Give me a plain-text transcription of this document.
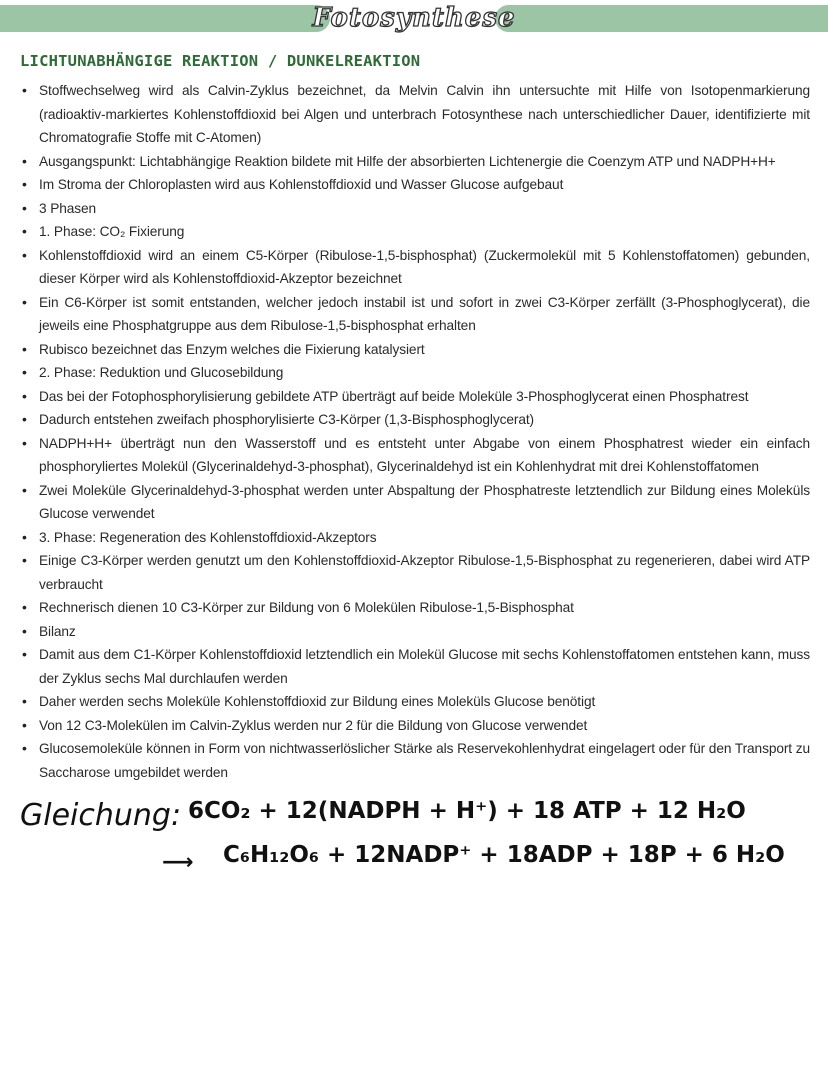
Fotosynthese
LICHTUNABHÄNGIGE REAKTION / DUNKELREAKTION
• Stoffwechselweg wird als Calvin-Zyklus bezeichnet, da Melvin Calvin ihn untersuchte mit Hilfe von Isotopenmarkierung (radioaktiv-markiertes Kohlenstoffdioxid bei Algen und unterbrach Fotosynthese nach unterschiedlicher Dauer, identifizierte mit Chromatografie Stoffe mit C-Atomen)
• Ausgangspunkt: Lichtabhängige Reaktion bildete mit Hilfe der absorbierten Lichtenergie die Coenzym ATP und NADPH+H+
• Im Stroma der Chloroplasten wird aus Kohlenstoffdioxid und Wasser Glucose aufgebaut
• 3 Phasen
• 1. Phase: CO₂ Fixierung
• Kohlenstoffdioxid wird an einem C5-Körper (Ribulose-1,5-bisphosphat) (Zuckermolekül mit 5 Kohlenstoffatomen) gebunden, dieser Körper wird als Kohlenstoffdioxid-Akzeptor bezeichnet
• Ein C6-Körper ist somit entstanden, welcher jedoch instabil ist und sofort in zwei C3-Körper zerfällt (3-Phosphoglycerat), die jeweils eine Phosphatgruppe aus dem Ribulose-1,5-bisphosphat erhalten
• Rubisco bezeichnet das Enzym welches die Fixierung katalysiert
• 2. Phase: Reduktion und Glucosebildung
• Das bei der Fotophosphorylisierung gebildete ATP überträgt auf beide Moleküle 3-Phosphoglycerat einen Phosphatrest
• Dadurch entstehen zweifach phosphorylisierte C3-Körper (1,3-Bisphosphoglycerat)
• NADPH+H+ überträgt nun den Wasserstoff und es entsteht unter Abgabe von einem Phosphatrest wieder ein einfach phosphoryliertes Molekül (Glycerinaldehyd-3-phosphat), Glycerinaldehyd ist ein Kohlenhydrat mit drei Kohlenstoffatomen
• Zwei Moleküle Glycerinaldehyd-3-phosphat werden unter Abspaltung der Phosphatreste letztendlich zur Bildung eines Moleküls Glucose verwendet
• 3. Phase: Regeneration des Kohlenstoffdioxid-Akzeptors
• Einige C3-Körper werden genutzt um den Kohlenstoffdioxid-Akzeptor Ribulose-1,5-Bisphosphat zu regenerieren, dabei wird ATP verbraucht
• Rechnerisch dienen 10 C3-Körper zur Bildung von 6 Molekülen Ribulose-1,5-Bisphosphat
• Bilanz
• Damit aus dem C1-Körper Kohlenstoffdioxid letztendlich ein Molekül Glucose mit sechs Kohlenstoffatomen entstehen kann, muss der Zyklus sechs Mal durchlaufen werden
• Daher werden sechs Moleküle Kohlenstoffdioxid zur Bildung eines Moleküls Glucose benötigt
• Von 12 C3-Molekülen im Calvin-Zyklus werden nur 2 für die Bildung von Glucose verwendet
• Glucosemoleküle können in Form von nichtwasserlöslicher Stärke als Reservekohlenhydrat eingelagert oder für den Transport zu Saccharose umgebildet werden
Gleichung: 6CO₂ + 12(NADPH + H⁺) + 18 ATP + 12 H₂O
⟶ C₆H₁₂O₆ + 12NADP⁺ + 18ADP + 18P + 6 H₂O
